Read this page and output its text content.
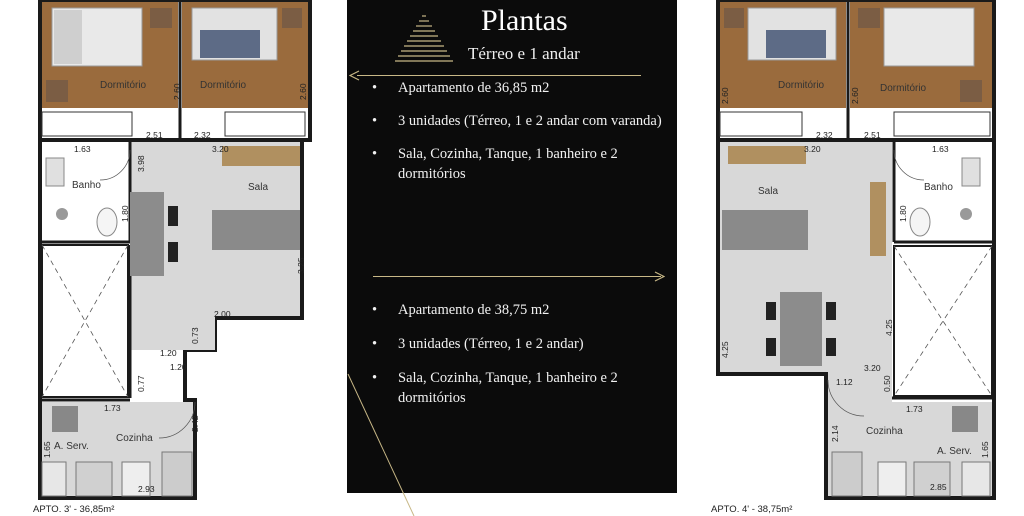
Dormitório	Dormitório
Banho	Sala
Cozinha
A. Serv.
2.60	2.60
2.51	2.32
3.20
1.63
3.98
1.80
3.25
2.00
0.73
1.20
1.20
0.77
1.73
2.42
1.65
2.93
APTO. 3' - 36,85m²
Plantas
Térreo e 1 andar
• Apartamento de 36,85 m2
• 3 unidades (Térreo, 1 e 2 andar com varanda)
• Sala, Cozinha, Tanque, 1 banheiro e 2 dormitórios
• Apartamento de 38,75 m2
• 3 unidades (Térreo, 1 e 2 andar)
• Sala, Cozinha, Tanque, 1 banheiro e 2 dormitórios
Dormitório	Dormitório
Banho
Sala
Cozinha
A. Serv.
2.60	2.60
2.32	2.51
3.20	1.63
1.80
4.25
4.25
3.20
1.12	0.50
1.73
2.14
1.65
2.85
APTO. 4' - 38,75m²
